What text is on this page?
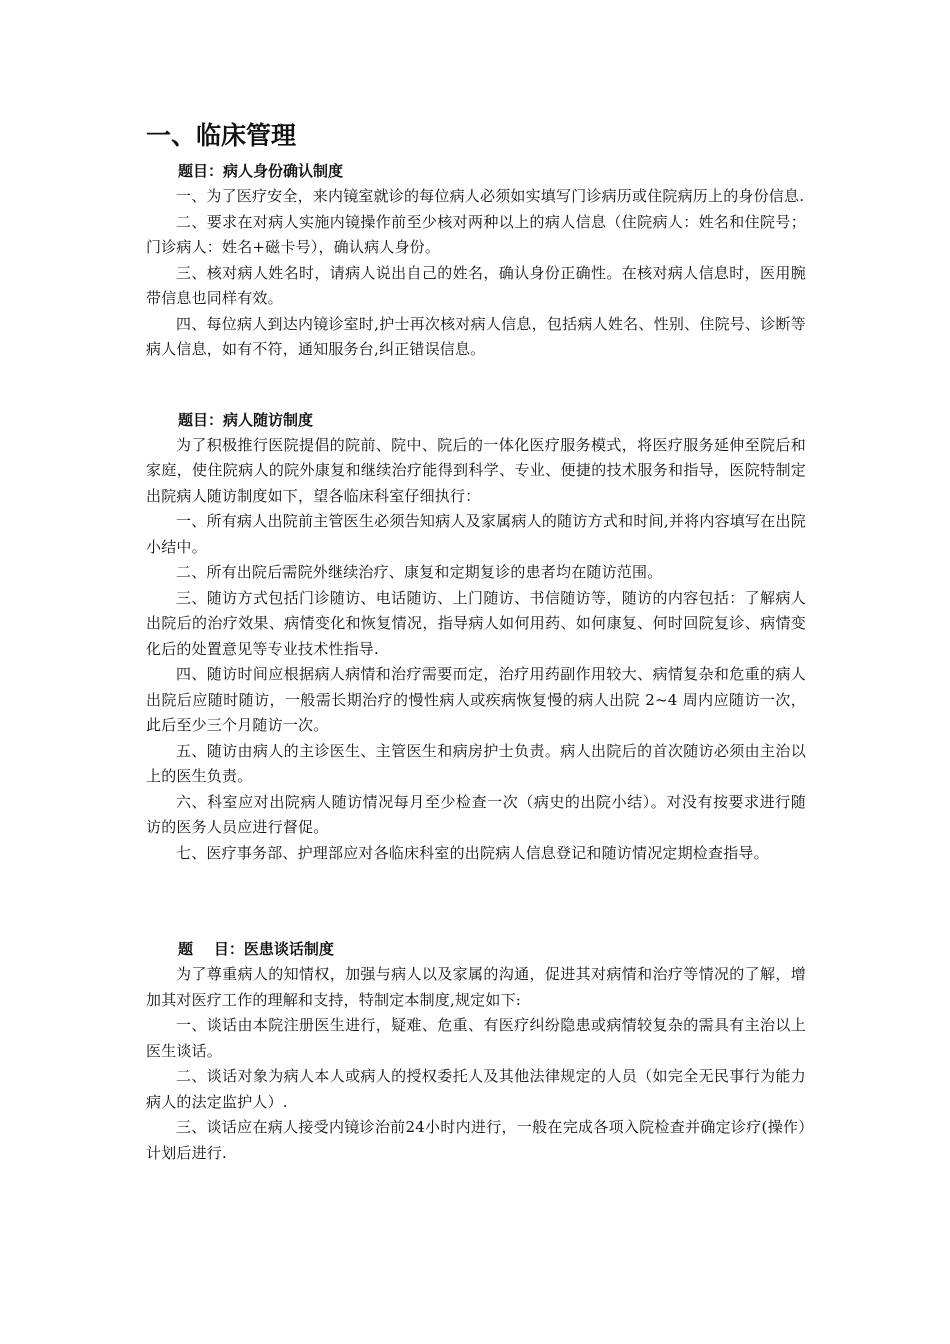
一、临床管理

题目：病人身份确认制度

一、为了医疗安全，来内镜室就诊的每位病人必须如实填写门诊病历或住院病历上的身份信息.

二、要求在对病人实施内镜操作前至少核对两种以上的病人信息（住院病人：姓名和住院号；门诊病人：姓名+磁卡号），确认病人身份。

三、核对病人姓名时，请病人说出自己的姓名，确认身份正确性。在核对病人信息时，医用腕带信息也同样有效。

四、每位病人到达内镜诊室时,护士再次核对病人信息，包括病人姓名、性别、住院号、诊断等病人信息，如有不符，通知服务台,纠正错误信息。

题目：病人随访制度

为了积极推行医院提倡的院前、院中、院后的一体化医疗服务模式，将医疗服务延伸至院后和家庭，使住院病人的院外康复和继续治疗能得到科学、专业、便捷的技术服务和指导，医院特制定出院病人随访制度如下，望各临床科室仔细执行：

一、所有病人出院前主管医生必须告知病人及家属病人的随访方式和时间,并将内容填写在出院小结中。

二、所有出院后需院外继续治疗、康复和定期复诊的患者均在随访范围。

三、随访方式包括门诊随访、电话随访、上门随访、书信随访等，随访的内容包括：了解病人出院后的治疗效果、病情变化和恢复情况，指导病人如何用药、如何康复、何时回院复诊、病情变化后的处置意见等专业技术性指导.

四、随访时间应根据病人病情和治疗需要而定，治疗用药副作用较大、病情复杂和危重的病人出院后应随时随访，一般需长期治疗的慢性病人或疾病恢复慢的病人出院 2~4 周内应随访一次，此后至少三个月随访一次。

五、随访由病人的主诊医生、主管医生和病房护士负责。病人出院后的首次随访必须由主治以上的医生负责。

六、科室应对出院病人随访情况每月至少检查一次（病史的出院小结）。对没有按要求进行随访的医务人员应进行督促。

七、医疗事务部、护理部应对各临床科室的出院病人信息登记和随访情况定期检查指导。

题    目：医患谈话制度

为了尊重病人的知情权，加强与病人以及家属的沟通，促进其对病情和治疗等情况的了解，增加其对医疗工作的理解和支持，特制定本制度,规定如下:

一、谈话由本院注册医生进行，疑难、危重、有医疗纠纷隐患或病情较复杂的需具有主治以上医生谈话。

二、谈话对象为病人本人或病人的授权委托人及其他法律规定的人员（如完全无民事行为能力病人的法定监护人）.

三、谈话应在病人接受内镜诊治前24小时内进行，一般在完成各项入院检查并确定诊疗(操作）计划后进行.
